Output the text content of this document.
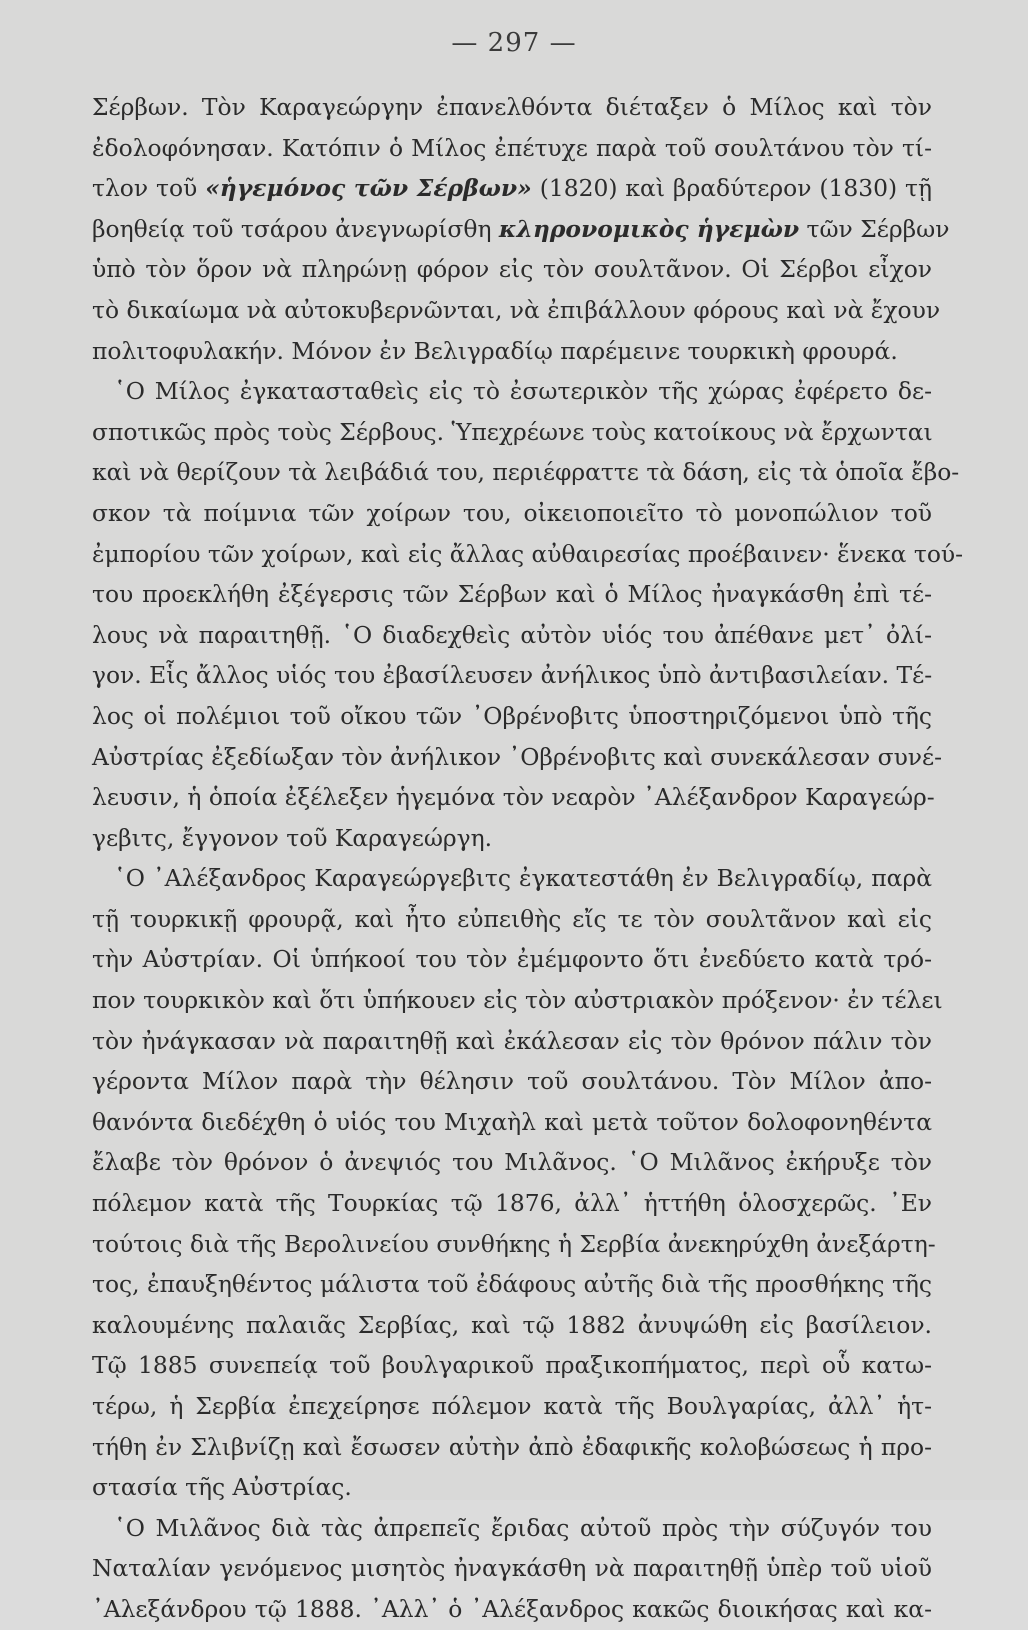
— 297 —
Σέρβων. Τὸν Καραγεώργην ἐπανελθόντα διέταξεν ὁ Μίλος καὶ τὸν
ἐδολοφόνησαν. Κατόπιν ὁ Μίλος ἐπέτυχε παρὰ τοῦ σουλτάνου τὸν τί-
τλον τοῦ «ἡγεμόνος τῶν Σέρβων» (1820) καὶ βραδύτερον (1830) τῇ
βοηθείᾳ τοῦ τσάρου ἀνεγνωρίσθη κληρονομικὸς ἡγεμὼν τῶν Σέρβων
ὑπὸ τὸν ὅρον νὰ πληρώνῃ φόρον εἰς τὸν σουλτᾶνον. Οἱ Σέρβοι εἶχον
τὸ δικαίωμα νὰ αὐτοκυβερνῶνται, νὰ ἐπιβάλλουν φόρους καὶ νὰ ἔχουν
πολιτοφυλακήν. Μόνον ἐν Βελιγραδίῳ παρέμεινε τουρκικὴ φρουρά.
῾Ο Μίλος ἐγκατασταθεὶς εἰς τὸ ἐσωτερικὸν τῆς χώρας ἐφέρετο δε-
σποτικῶς πρὸς τοὺς Σέρβους. Ὑπεχρέωνε τοὺς κατοίκους νὰ ἔρχωνται
καὶ νὰ θερίζουν τὰ λειβάδιά του, περιέφραττε τὰ δάση, εἰς τὰ ὁποῖα ἔβο-
σκον τὰ ποίμνια τῶν χοίρων του, οἰκειοποιεῖτο τὸ μονοπώλιον τοῦ
ἐμπορίου τῶν χοίρων, καὶ εἰς ἄλλας αὐθαιρεσίας προέβαινεν· ἕνεκα τού-
του προεκλήθη ἐξέγερσις τῶν Σέρβων καὶ ὁ Μίλος ἠναγκάσθη ἐπὶ τέ-
λους νὰ παραιτηθῇ. ῾Ο διαδεχθεὶς αὐτὸν υἱός του ἀπέθανε μετ᾽ ὀλί-
γον. Εἷς ἄλλος υἱός του ἐβασίλευσεν ἀνήλικος ὑπὸ ἀντιβασιλείαν. Τέ-
λος οἱ πολέμιοι τοῦ οἴκου τῶν ᾽Οβρένοβιτς ὑποστηριζόμενοι ὑπὸ τῆς
Αὐστρίας ἐξεδίωξαν τὸν ἀνήλικον ᾽Οβρένοβιτς καὶ συνεκάλεσαν συνέ-
λευσιν, ἡ ὁποία ἐξέλεξεν ἡγεμόνα τὸν νεαρὸν ᾽Αλέξανδρον Καραγεώρ-
γεβιτς, ἔγγονον τοῦ Καραγεώργη.
῾Ο ᾽Αλέξανδρος Καραγεώργεβιτς ἐγκατεστάθη ἐν Βελιγραδίῳ, παρὰ
τῇ τουρκικῇ φρουρᾷ, καὶ ἦτο εὐπειθὴς εἴς τε τὸν σουλτᾶνον καὶ εἰς
τὴν Αὐστρίαν. Οἱ ὑπήκοοί του τὸν ἐμέμφοντο ὅτι ἐνεδύετο κατὰ τρό-
πον τουρκικὸν καὶ ὅτι ὑπήκουεν εἰς τὸν αὐστριακὸν πρόξενον· ἐν τέλει
τὸν ἠνάγκασαν νὰ παραιτηθῇ καὶ ἐκάλεσαν εἰς τὸν θρόνον πάλιν τὸν
γέροντα Μίλον παρὰ τὴν θέλησιν τοῦ σουλτάνου. Τὸν Μίλον ἀπο-
θανόντα διεδέχθη ὁ υἱός του Μιχαὴλ καὶ μετὰ τοῦτον δολοφονηθέντα
ἔλαβε τὸν θρόνον ὁ ἀνεψιός του Μιλᾶνος. ῾Ο Μιλᾶνος ἐκήρυξε τὸν
πόλεμον κατὰ τῆς Τουρκίας τῷ 1876, ἀλλ᾽ ἡττήθη ὁλοσχερῶς. ᾽Εν
τούτοις διὰ τῆς Βερολινείου συνθήκης ἡ Σερβία ἀνεκηρύχθη ἀνεξάρτη-
τος, ἐπαυξηθέντος μάλιστα τοῦ ἐδάφους αὐτῆς διὰ τῆς προσθήκης τῆς
καλουμένης παλαιᾶς Σερβίας, καὶ τῷ 1882 ἀνυψώθη εἰς βασίλειον.
Τῷ 1885 συνεπείᾳ τοῦ βουλγαρικοῦ πραξικοπήματος, περὶ οὗ κατω-
τέρω, ἡ Σερβία ἐπεχείρησε πόλεμον κατὰ τῆς Βουλγαρίας, ἀλλ᾽ ἡτ-
τήθη ἐν Σλιβνίζῃ καὶ ἔσωσεν αὐτὴν ἀπὸ ἐδαφικῆς κολοβώσεως ἡ προ-
στασία τῆς Αὐστρίας.
῾Ο Μιλᾶνος διὰ τὰς ἀπρεπεῖς ἔριδας αὐτοῦ πρὸς τὴν σύζυγόν του
Ναταλίαν γενόμενος μισητὸς ἠναγκάσθη νὰ παραιτηθῇ ὑπὲρ τοῦ υἱοῦ
᾽Αλεξάνδρου τῷ 1888. ᾽Αλλ᾽ ὁ ᾽Αλέξανδρος κακῶς διοικήσας καὶ κα-
